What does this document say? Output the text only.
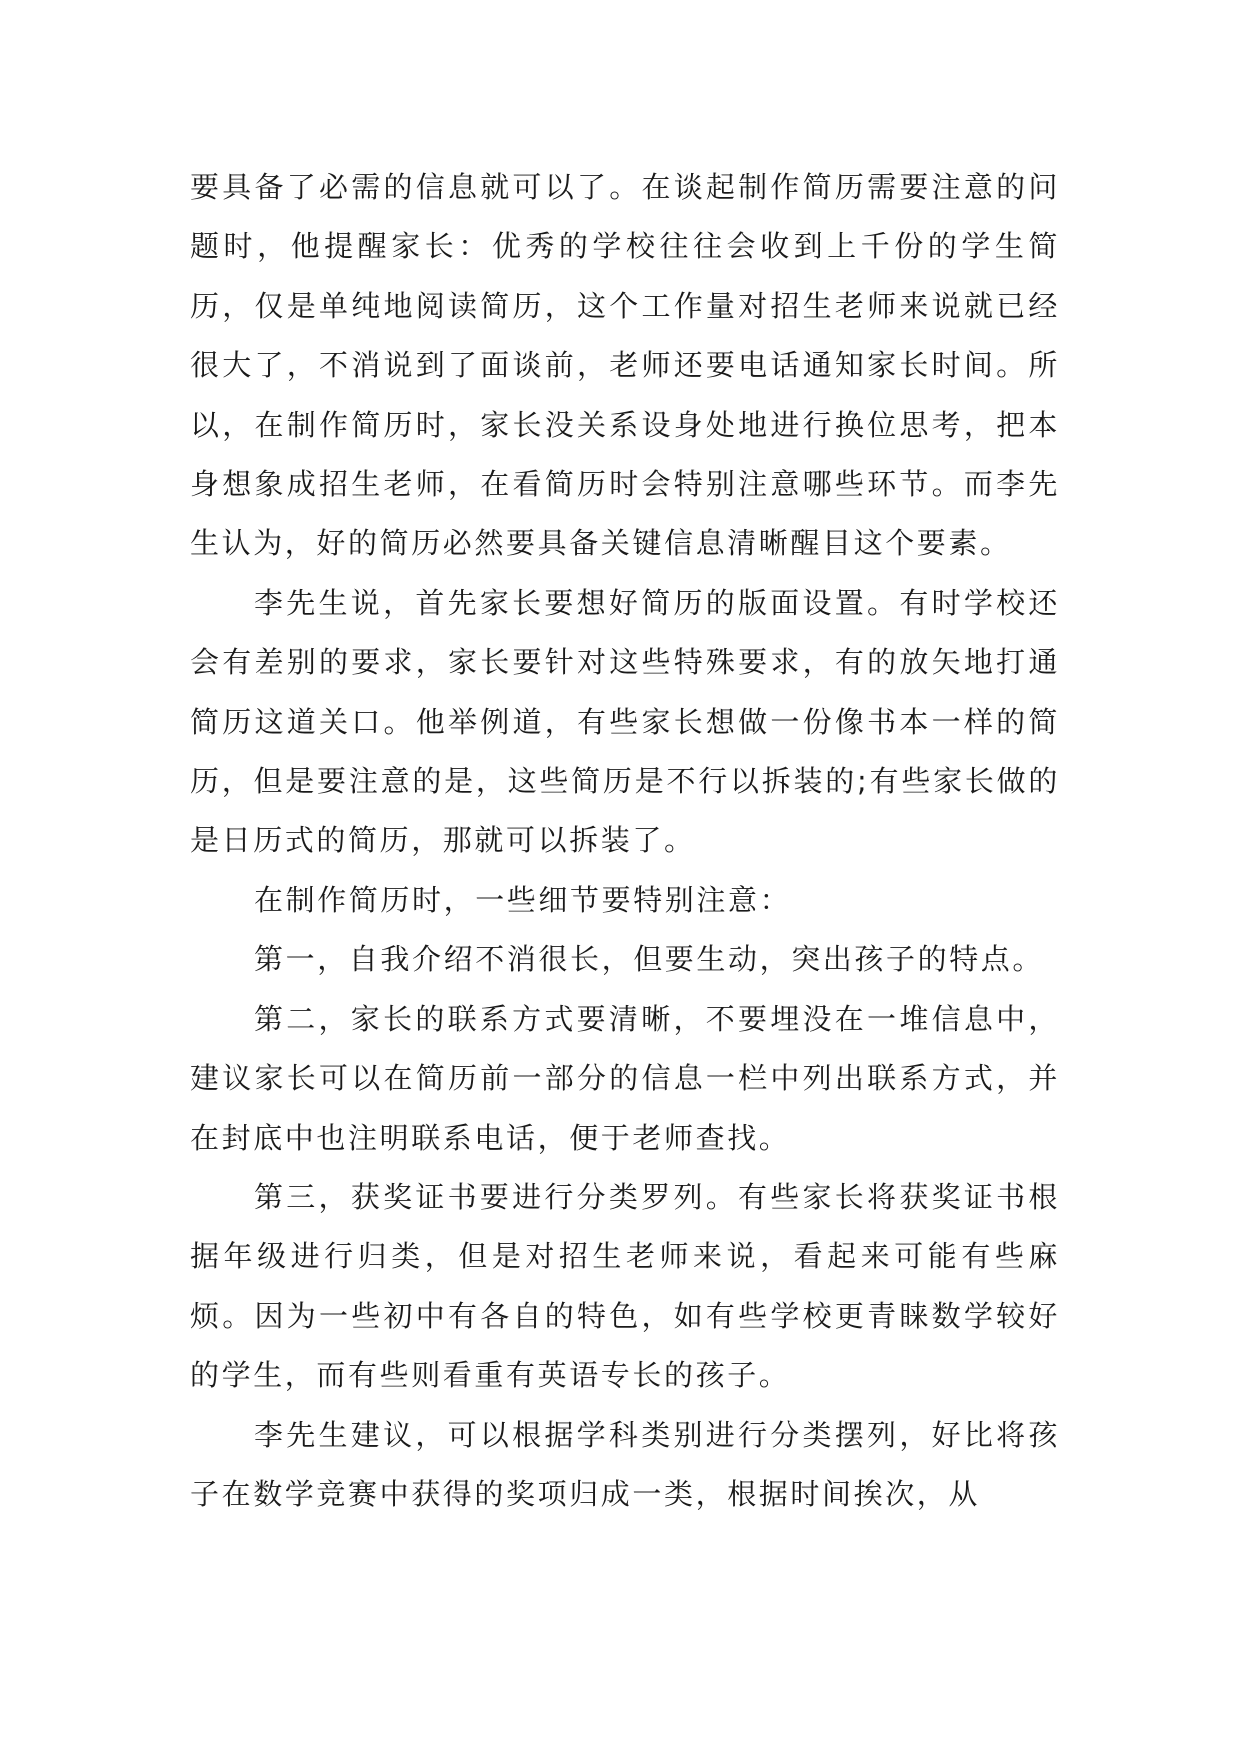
要具备了必需的信息就可以了。在谈起制作简历需要注意的问题时，他提醒家长：优秀的学校往往会收到上千份的学生简历，仅是单纯地阅读简历，这个工作量对招生老师来说就已经很大了，不消说到了面谈前，老师还要电话通知家长时间。所以，在制作简历时，家长没关系设身处地进行换位思考，把本身想象成招生老师，在看简历时会特别注意哪些环节。而李先生认为，好的简历必然要具备关键信息清晰醒目这个要素。

李先生说，首先家长要想好简历的版面设置。有时学校还会有差别的要求，家长要针对这些特殊要求，有的放矢地打通简历这道关口。他举例道，有些家长想做一份像书本一样的简历，但是要注意的是，这些简历是不行以拆装的;有些家长做的是日历式的简历，那就可以拆装了。

在制作简历时，一些细节要特别注意：

第一，自我介绍不消很长，但要生动，突出孩子的特点。

第二，家长的联系方式要清晰，不要埋没在一堆信息中，建议家长可以在简历前一部分的信息一栏中列出联系方式，并在封底中也注明联系电话，便于老师查找。

第三，获奖证书要进行分类罗列。有些家长将获奖证书根据年级进行归类，但是对招生老师来说，看起来可能有些麻烦。因为一些初中有各自的特色，如有些学校更青睐数学较好的学生，而有些则看重有英语专长的孩子。

李先生建议，可以根据学科类别进行分类摆列，好比将孩子在数学竞赛中获得的奖项归成一类，根据时间挨次，从
